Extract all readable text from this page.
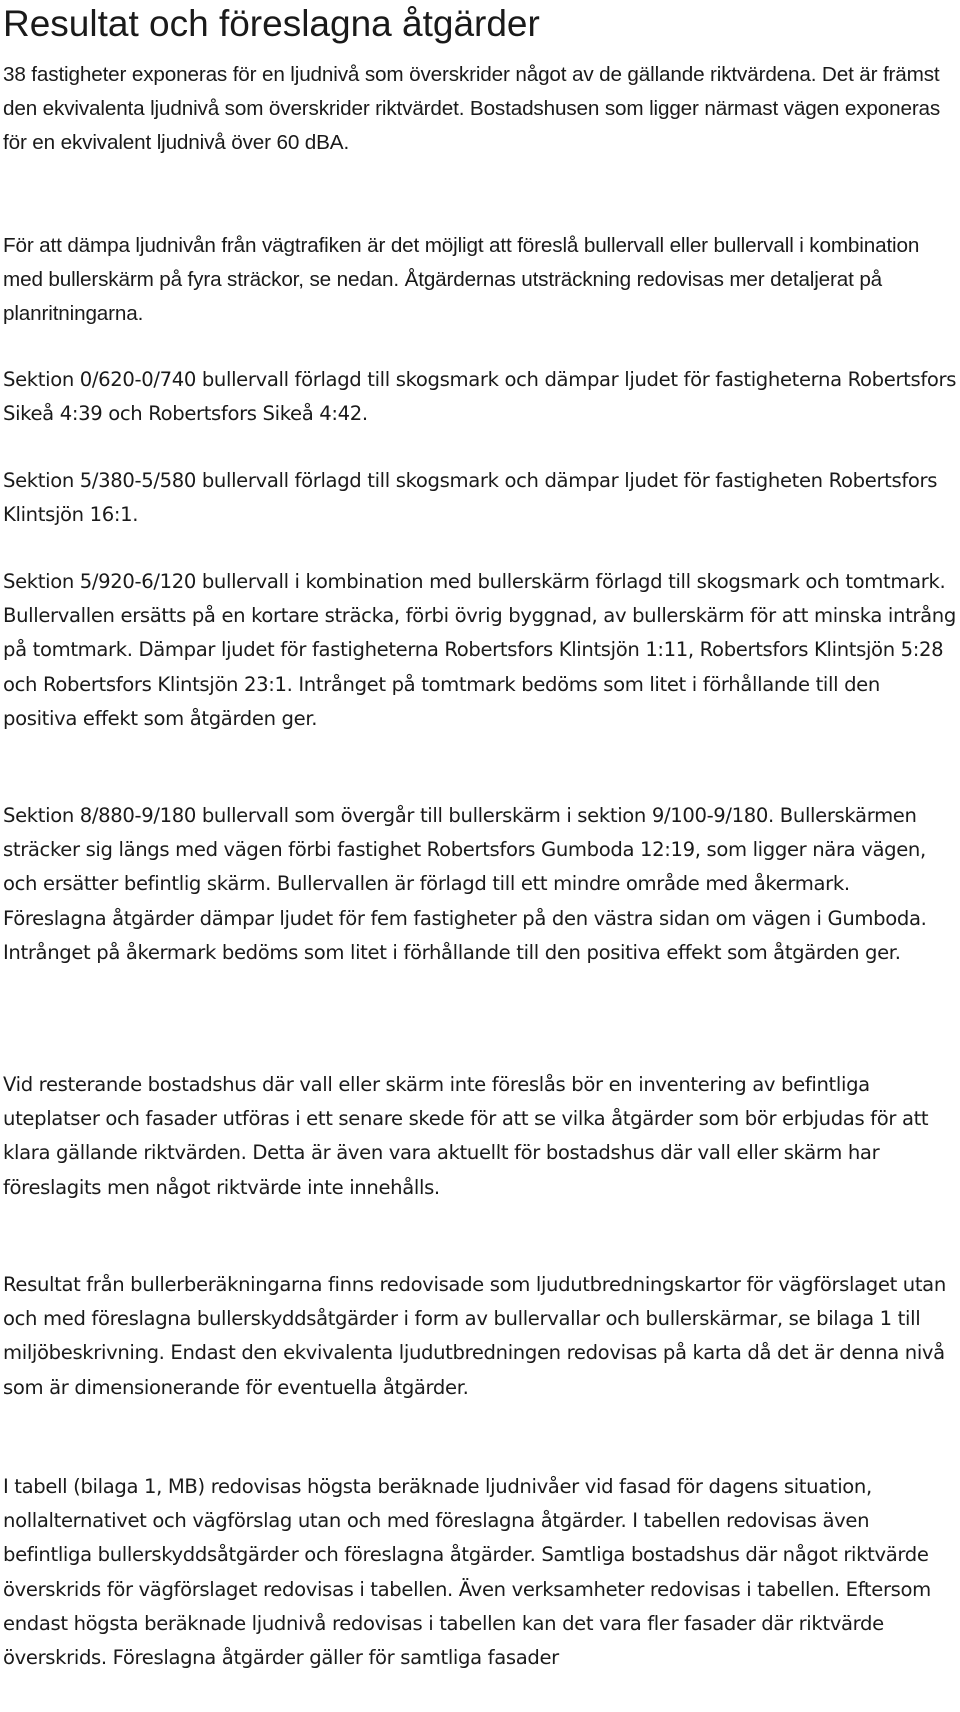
Resultat och föreslagna åtgärder

38 fastigheter exponeras för en ljudnivå som överskrider något av de gällande riktvärdena. Det är främst den ekvivalenta ljudnivå som överskrider riktvärdet. Bostadshusen som ligger närmast vägen exponeras för en ekvivalent ljudnivå över 60 dBA.

För att dämpa ljudnivån från vägtrafiken är det möjligt att föreslå bullervall eller bullervall i kombination med bullerskärm på fyra sträckor, se nedan. Åtgärdernas utsträckning redovisas mer detaljerat på planritningarna.

Sektion 0/620-0/740 bullervall förlagd till skogsmark och dämpar ljudet för fastigheterna Robertsfors Sikeå 4:39 och Robertsfors Sikeå 4:42.

Sektion 5/380-5/580 bullervall förlagd till skogsmark och dämpar ljudet för fastigheten Robertsfors Klintsjön 16:1.

Sektion 5/920-6/120 bullervall i kombination med bullerskärm förlagd till skogsmark och tomtmark. Bullervallen ersätts på en kortare sträcka, förbi övrig byggnad, av bullerskärm för att minska intrång på tomtmark. Dämpar ljudet för fastigheterna Robertsfors Klintsjön 1:11, Robertsfors Klintsjön 5:28 och Robertsfors Klintsjön 23:1. Intrånget på tomtmark bedöms som litet i förhållande till den positiva effekt som åtgärden ger.

Sektion 8/880-9/180 bullervall som övergår till bullerskärm i sektion 9/100-9/180. Bullerskärmen sträcker sig längs med vägen förbi fastighet Robertsfors Gumboda 12:19, som ligger nära vägen, och ersätter befintlig skärm. Bullervallen är förlagd till ett mindre område med åkermark. Föreslagna åtgärder dämpar ljudet för fem fastigheter på den västra sidan om vägen i Gumboda. Intrånget på åkermark bedöms som litet i förhållande till den positiva effekt som åtgärden ger.

Vid resterande bostadshus där vall eller skärm inte föreslås bör en inventering av befintliga uteplatser och fasader utföras i ett senare skede för att se vilka åtgärder som bör erbjudas för att klara gällande riktvärden. Detta är även vara aktuellt för bostadshus där vall eller skärm har föreslagits men något riktvärde inte innehålls.

Resultat från bullerberäkningarna finns redovisade som ljudutbredningskartor för vägförslaget utan och med föreslagna bullerskyddsåtgärder i form av bullervallar och bullerskärmar, se bilaga 1 till miljöbeskrivning. Endast den ekvivalenta ljudutbredningen redovisas på karta då det är denna nivå som är dimensionerande för eventuella åtgärder.

I tabell (bilaga 1, MB) redovisas högsta beräknade ljudnivåer vid fasad för dagens situation, nollalternativet och vägförslag utan och med föreslagna åtgärder. I tabellen redovisas även befintliga bullerskyddsåtgärder och föreslagna åtgärder. Samtliga bostadshus där något riktvärde överskrids för vägförslaget redovisas i tabellen. Även verksamheter redovisas i tabellen. Eftersom endast högsta beräknade ljudnivå redovisas i tabellen kan det vara fler fasader där riktvärde överskrids. Föreslagna åtgärder gäller för samtliga fasader
